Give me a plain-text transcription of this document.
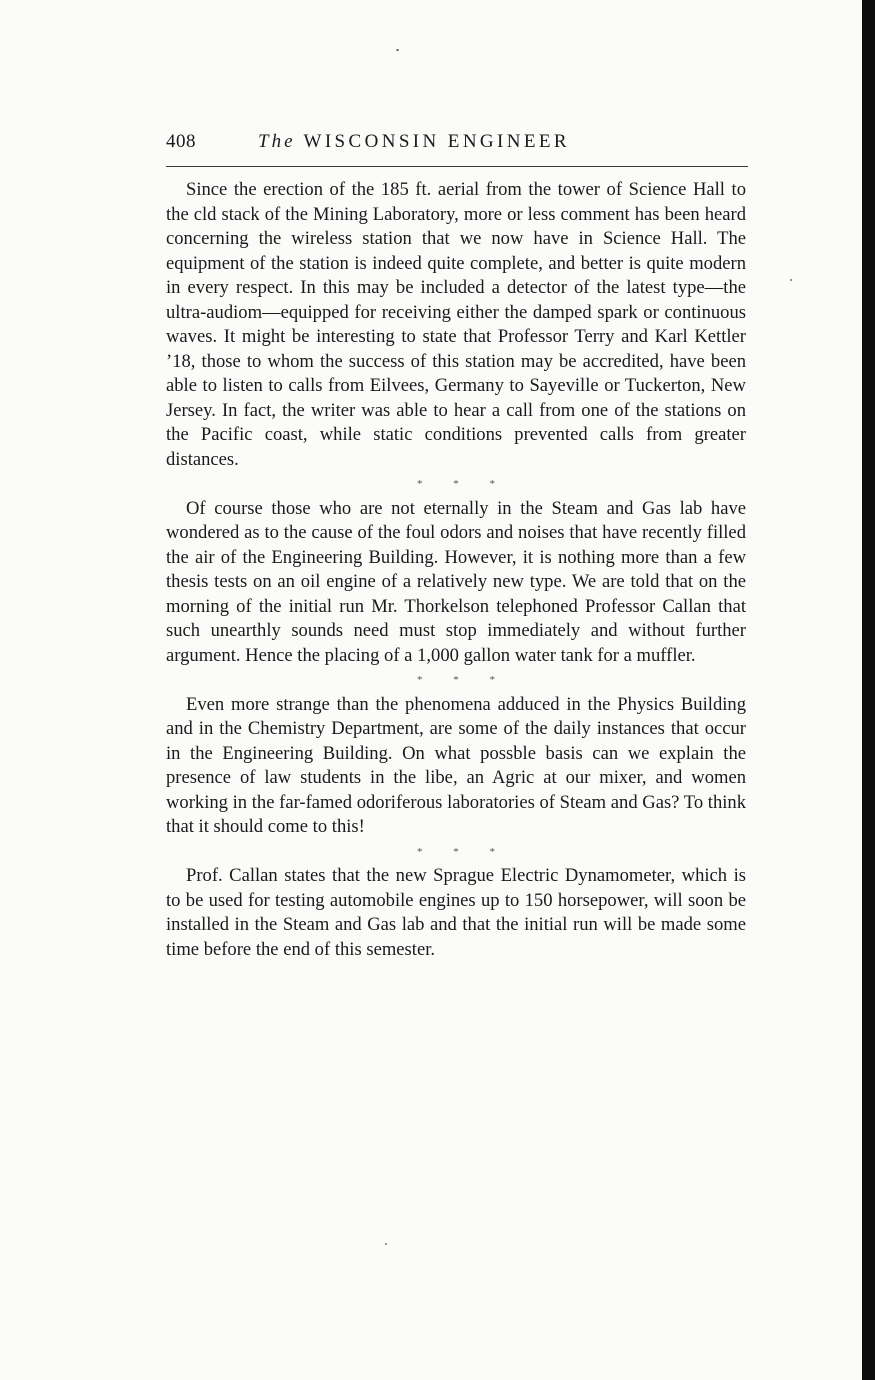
408	The WISCONSIN ENGINEER

Since the erection of the 185 ft. aerial from the tower of Science Hall to the cld stack of the Mining Laboratory, more or less comment has been heard concerning the wireless station that we now have in Science Hall. The equipment of the station is indeed quite complete, and better is quite modern in every respect. In this may be included a detector of the latest type—the ultra-audiom—equipped for receiving either the damped spark or continuous waves. It might be interesting to state that Professor Terry and Karl Kettler ’18, those to whom the success of this station may be accredited, have been able to listen to calls from Eilvees, Germany to Sayeville or Tuckerton, New Jersey. In fact, the writer was able to hear a call from one of the stations on the Pacific coast, while static conditions prevented calls from greater distances.

* * *

Of course those who are not eternally in the Steam and Gas lab have wondered as to the cause of the foul odors and noises that have recently filled the air of the Engineering Building. However, it is nothing more than a few thesis tests on an oil engine of a relatively new type. We are told that on the morning of the initial run Mr. Thorkelson telephoned Professor Callan that such unearthly sounds need must stop immediately and without further argument. Hence the placing of a 1,000 gallon water tank for a muffler.

* * *

Even more strange than the phenomena adduced in the Physics Building and in the Chemistry Department, are some of the daily instances that occur in the Engineering Building. On what possble basis can we explain the presence of law students in the libe, an Agric at our mixer, and women working in the far-famed odoriferous laboratories of Steam and Gas? To think that it should come to this!

* * *

Prof. Callan states that the new Sprague Electric Dynamometer, which is to be used for testing automobile engines up to 150 horsepower, will soon be installed in the Steam and Gas lab and that the initial run will be made some time before the end of this semester.
